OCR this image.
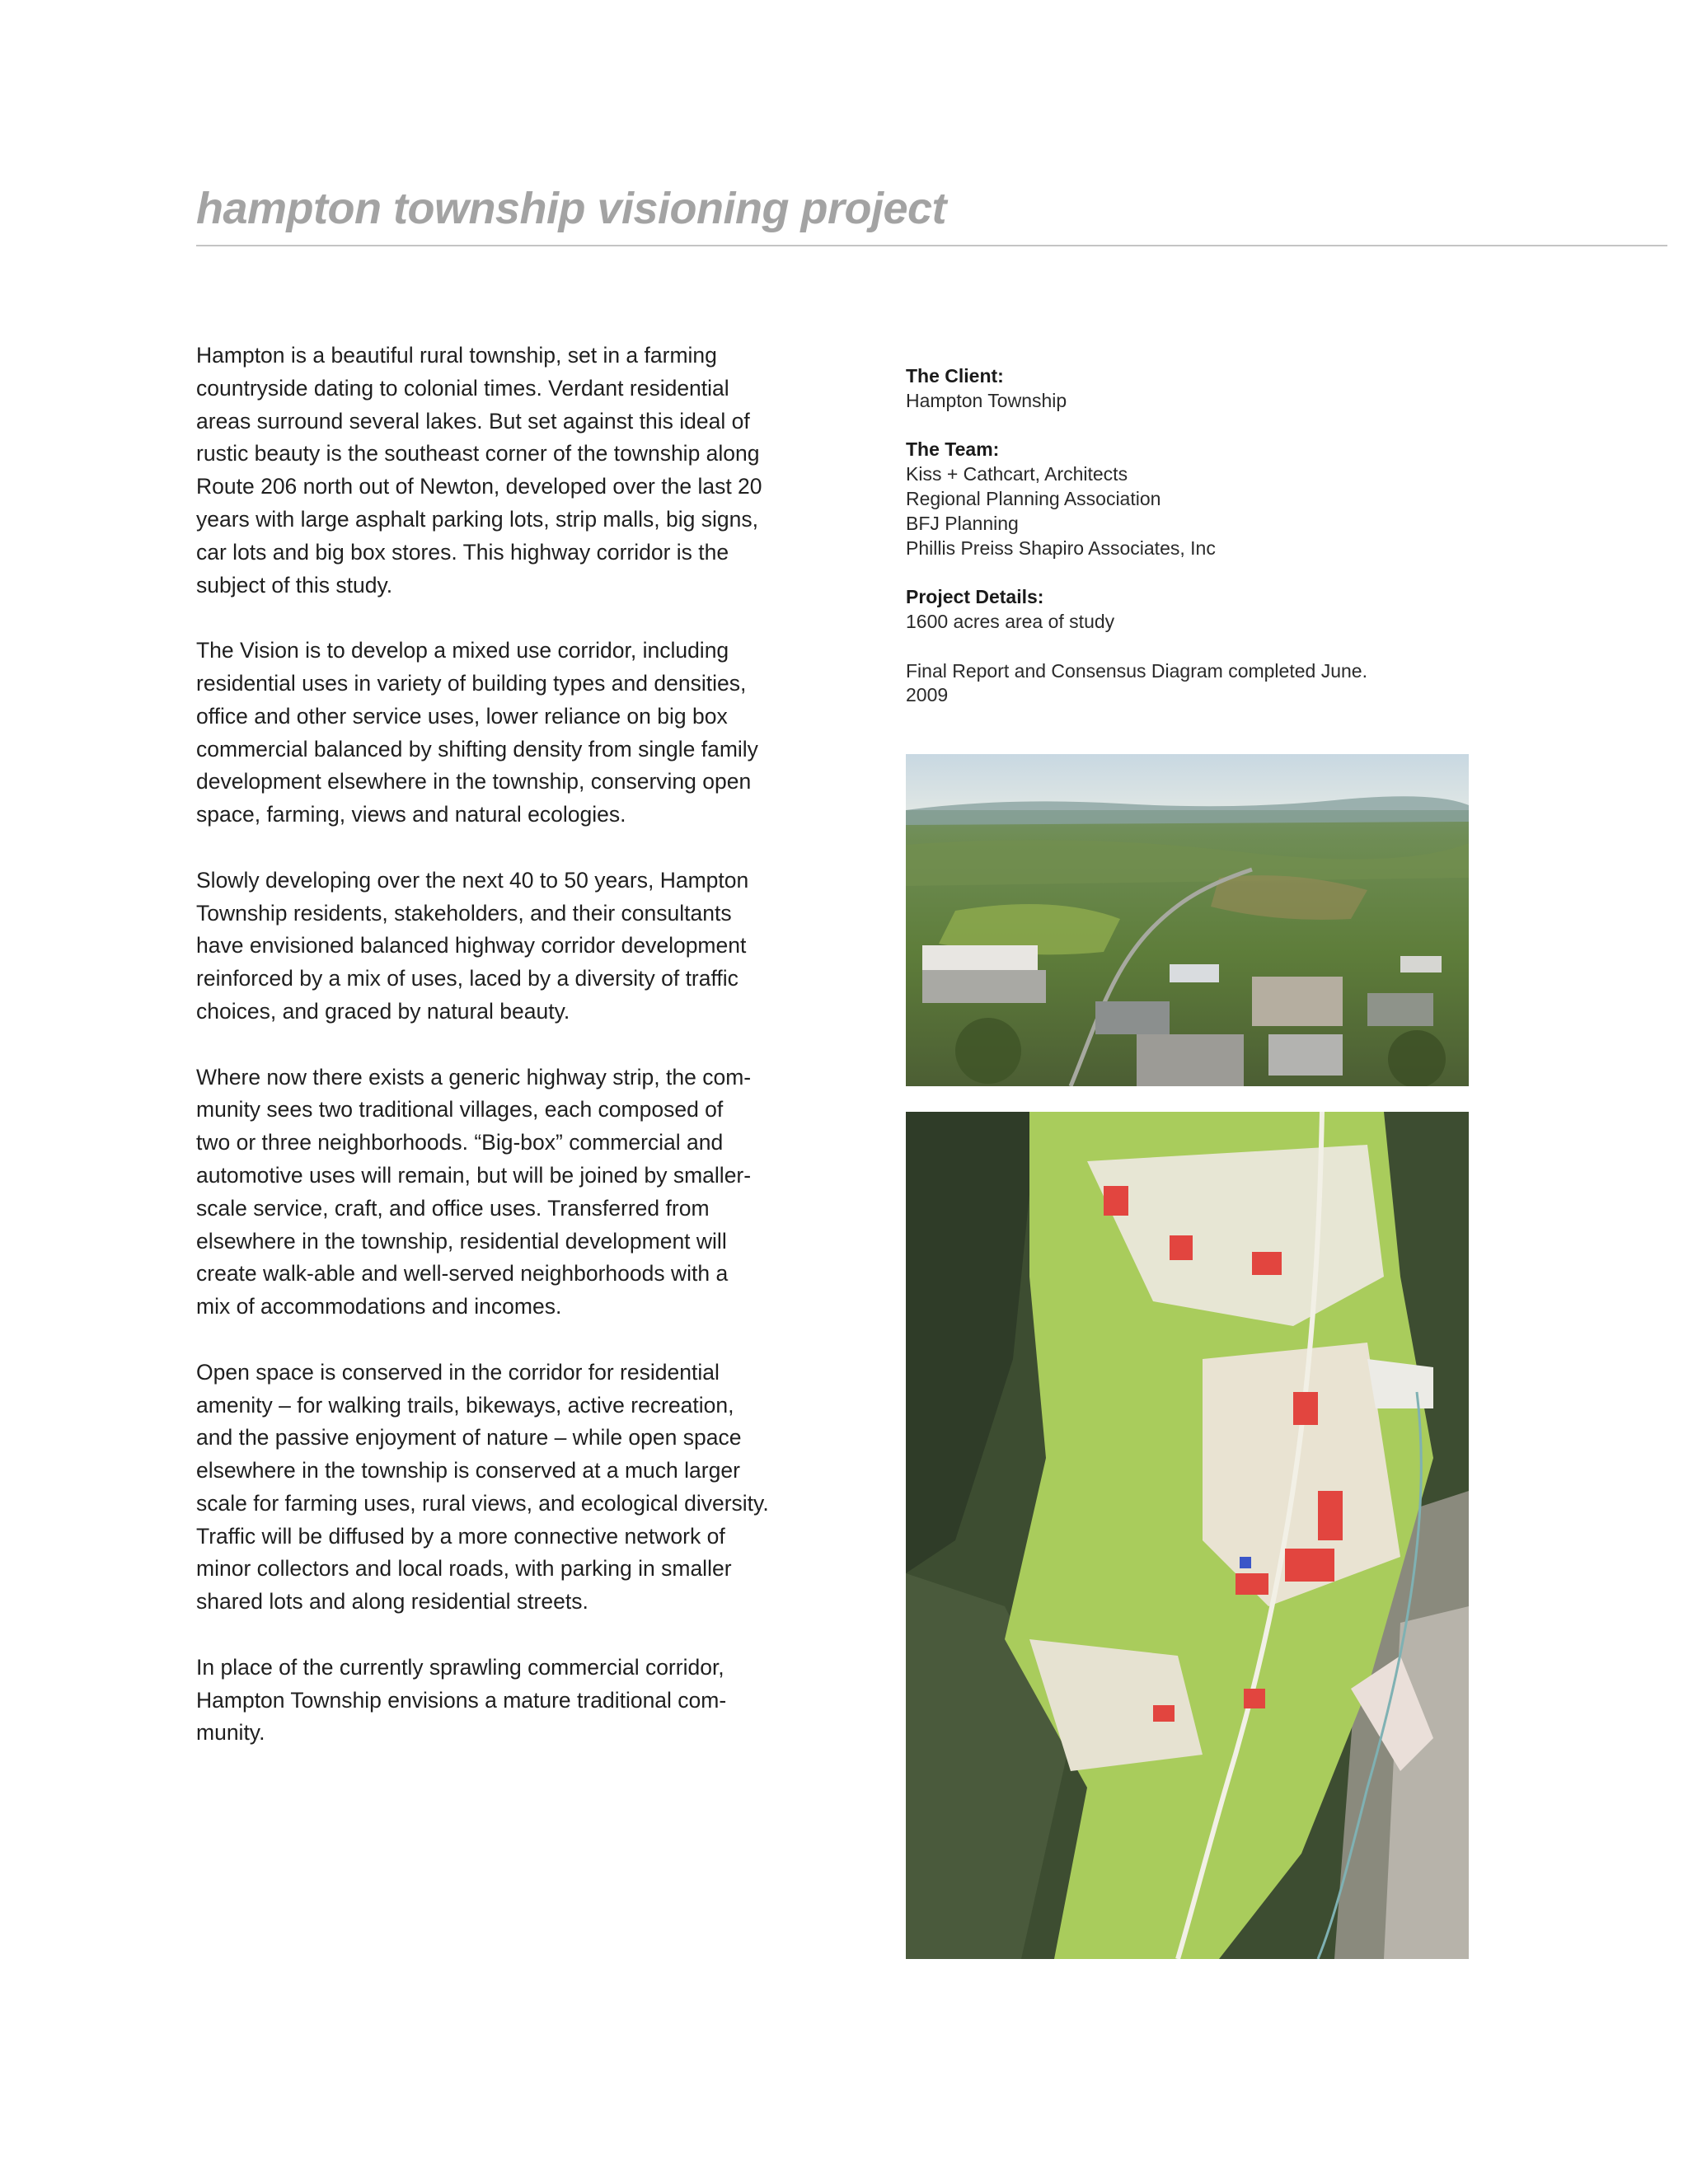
hampton township visioning project

Hampton is a beautiful rural township, set in a farming
countryside dating to colonial times. Verdant residential
areas surround several lakes. But set against this ideal of
rustic beauty is the southeast corner of the township along
Route 206 north out of Newton, developed over the last 20
years with large asphalt parking lots, strip malls, big signs,
car lots and big box stores. This highway corridor is the
subject of this study.

The Vision is to develop a mixed use corridor, including
residential uses in variety of building types and densities,
office and other service uses, lower reliance on big box
commercial balanced by shifting density from single family
development elsewhere in the township, conserving open
space, farming, views and natural ecologies.

Slowly developing over the next 40 to 50 years, Hampton
Township residents, stakeholders, and their consultants
have envisioned balanced highway corridor development
reinforced by a mix of uses, laced by a diversity of traffic
choices, and graced by natural beauty.

Where now there exists a generic highway strip, the com-
munity sees two traditional villages, each composed of
two or three neighborhoods. “Big-box” commercial and
automotive uses will remain, but will be joined by smaller-
scale service, craft, and office uses. Transferred from
elsewhere in the township, residential development will
create walk-able and well-served neighborhoods with a
mix of accommodations and incomes.

Open space is conserved in the corridor for residential
amenity – for walking trails, bikeways, active recreation,
and the passive enjoyment of nature – while open space
elsewhere in the township is conserved at a much larger
scale for farming uses, rural views, and ecological diversity.
Traffic will be diffused by a more connective network of
minor collectors and local roads, with parking in smaller
shared lots and along residential streets.

In place of the currently sprawling commercial corridor,
Hampton Township envisions a mature traditional com-
munity.

The Client:
Hampton Township
The Team:
Kiss + Cathcart, Architects
Regional Planning Association
BFJ Planning
Phillis Preiss Shapiro Associates, Inc
Project Details:
1600 acres area of study
Final Report and Consensus Diagram completed June.
2009
